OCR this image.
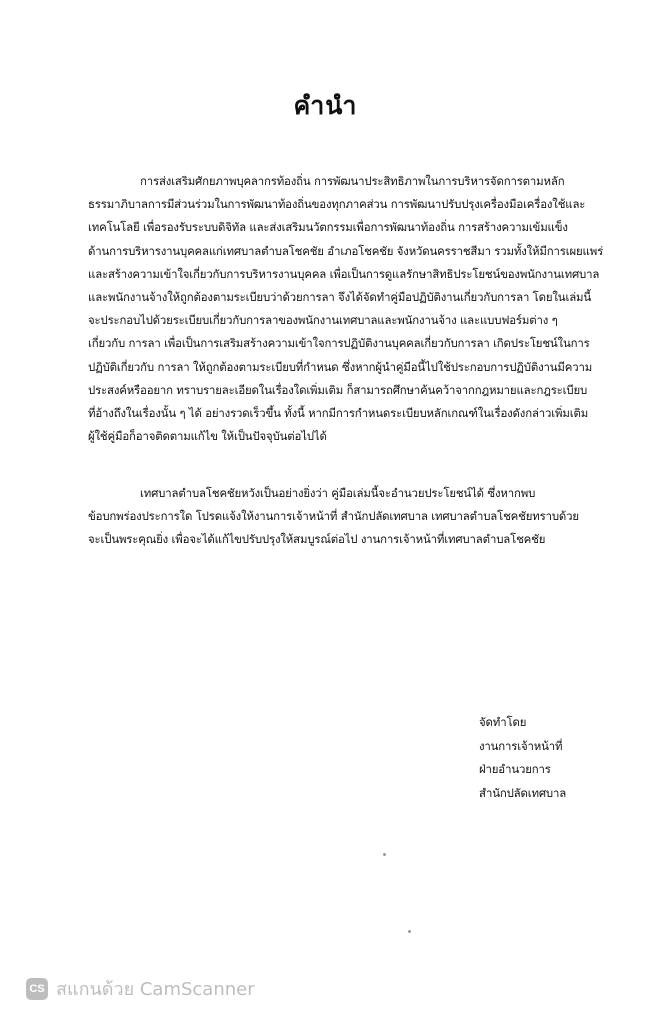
คำนำ
การส่งเสริมศักยภาพบุคลากรท้องถิ่น การพัฒนาประสิทธิภาพในการบริหารจัดการตามหลัก
ธรรมาภิบาลการมีส่วนร่วมในการพัฒนาท้องถิ่นของทุกภาคส่วน การพัฒนาปรับปรุงเครื่องมือเครื่องใช้และ
เทคโนโลยี เพื่อรองรับระบบดิจิทัล และส่งเสริมนวัตกรรมเพื่อการพัฒนาท้องถิ่น การสร้างความเข้มแข็ง
ด้านการบริหารงานบุคคลแก่เทศบาลตำบลโชคชัย อำเภอโชคชัย จังหวัดนครราชสีมา รวมทั้งให้มีการเผยแพร่
และสร้างความเข้าใจเกี่ยวกับการบริหารงานบุคคล เพื่อเป็นการดูแลรักษาสิทธิประโยชน์ของพนักงานเทศบาล
และพนักงานจ้างให้ถูกต้องตามระเบียบว่าด้วยการลา จึงได้จัดทำคู่มือปฏิบัติงานเกี่ยวกับการลา โดยในเล่มนี้
จะประกอบไปด้วยระเบียบเกี่ยวกับการลาของพนักงานเทศบาลและพนักงานจ้าง และแบบฟอร์มต่าง ๆ
เกี่ยวกับ การลา เพื่อเป็นการเสริมสร้างความเข้าใจการปฏิบัติงานบุคคลเกี่ยวกับการลา เกิดประโยชน์ในการ
ปฏิบัติเกี่ยวกับ การลา ให้ถูกต้องตามระเบียบที่กำหนด ซึ่งหากผู้นำคู่มือนี้ไปใช้ประกอบการปฏิบัติงานมีความ
ประสงค์หรืออยาก ทราบรายละเอียดในเรื่องใดเพิ่มเติม ก็สามารถศึกษาค้นคว้าจากกฎหมายและกฎระเบียบ
ที่อ้างถึงในเรื่องนั้น ๆ ได้ อย่างรวดเร็วขึ้น ทั้งนี้ หากมีการกำหนดระเบียบหลักเกณฑ์ในเรื่องดังกล่าวเพิ่มเติม
ผู้ใช้คู่มือก็อาจติดตามแก้ไข ให้เป็นปัจจุบันต่อไปได้
เทศบาลตำบลโชคชัยหวังเป็นอย่างยิ่งว่า คู่มือเล่มนี้จะอำนวยประโยชน์ได้ ซึ่งหากพบ
ข้อบกพร่องประการใด โปรดแจ้งให้งานการเจ้าหน้าที่ สำนักปลัดเทศบาล เทศบาลตำบลโชคชัยทราบด้วย
จะเป็นพระคุณยิ่ง เพื่อจะได้แก้ไขปรับปรุงให้สมบูรณ์ต่อไป งานการเจ้าหน้าที่เทศบาลตำบลโชคชัย
จัดทำโดย
งานการเจ้าหน้าที่
ฝ่ายอำนวยการ
สำนักปลัดเทศบาล
CS สแกนด้วย CamScanner
